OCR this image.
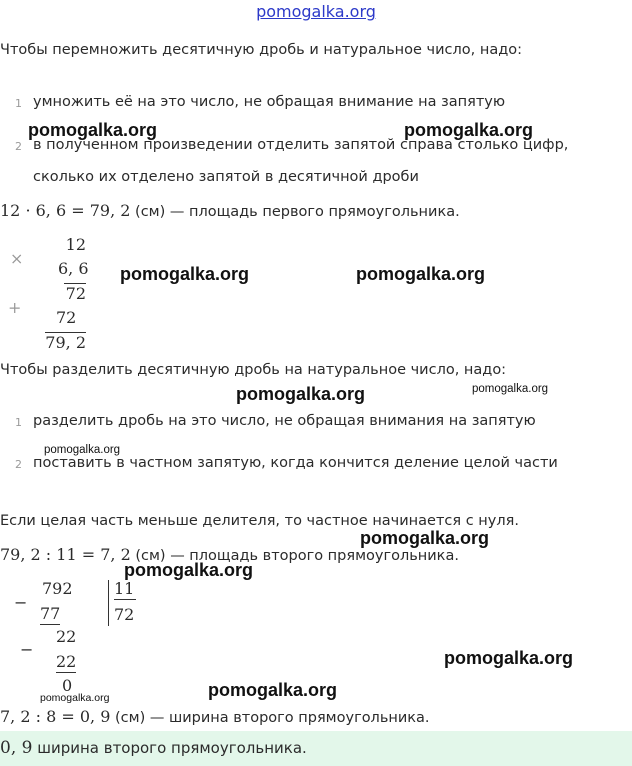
pomogalka.org
Чтобы перемножить десятичную дробь и натуральное число, надо:
1 умножить её на это число, не обращая внимание на запятую
2 в полученном произведении отделить запятой справа столько цифр,
сколько их отделено запятой в десятичной дроби
12 · 6, 6 = 79, 2 (см) — площадь первого прямоугольника.
×
12
6, 6
72
+
72
79, 2
Чтобы разделить десятичную дробь на натуральное число, надо:
1 разделить дробь на это число, не обращая внимания на запятую
2 поставить в частном запятую, когда кончится деление целой части
Если целая часть меньше делителя, то частное начинается с нуля.
79, 2 : 11 = 7, 2 (см) — площадь второго прямоугольника.
−
792	11
72
77
−
22
22
0
7, 2 : 8 = 0, 9 (см) — ширина второго прямоугольника.
0, 9 ширина второго прямоугольника.
pomogalka.org	pomogalka.org
pomogalka.org	pomogalka.org
pomogalka.org	pomogalka.org
pomogalka.org
pomogalka.org
pomogalka.org
pomogalka.org
pomogalka.org
pomogalka.org
